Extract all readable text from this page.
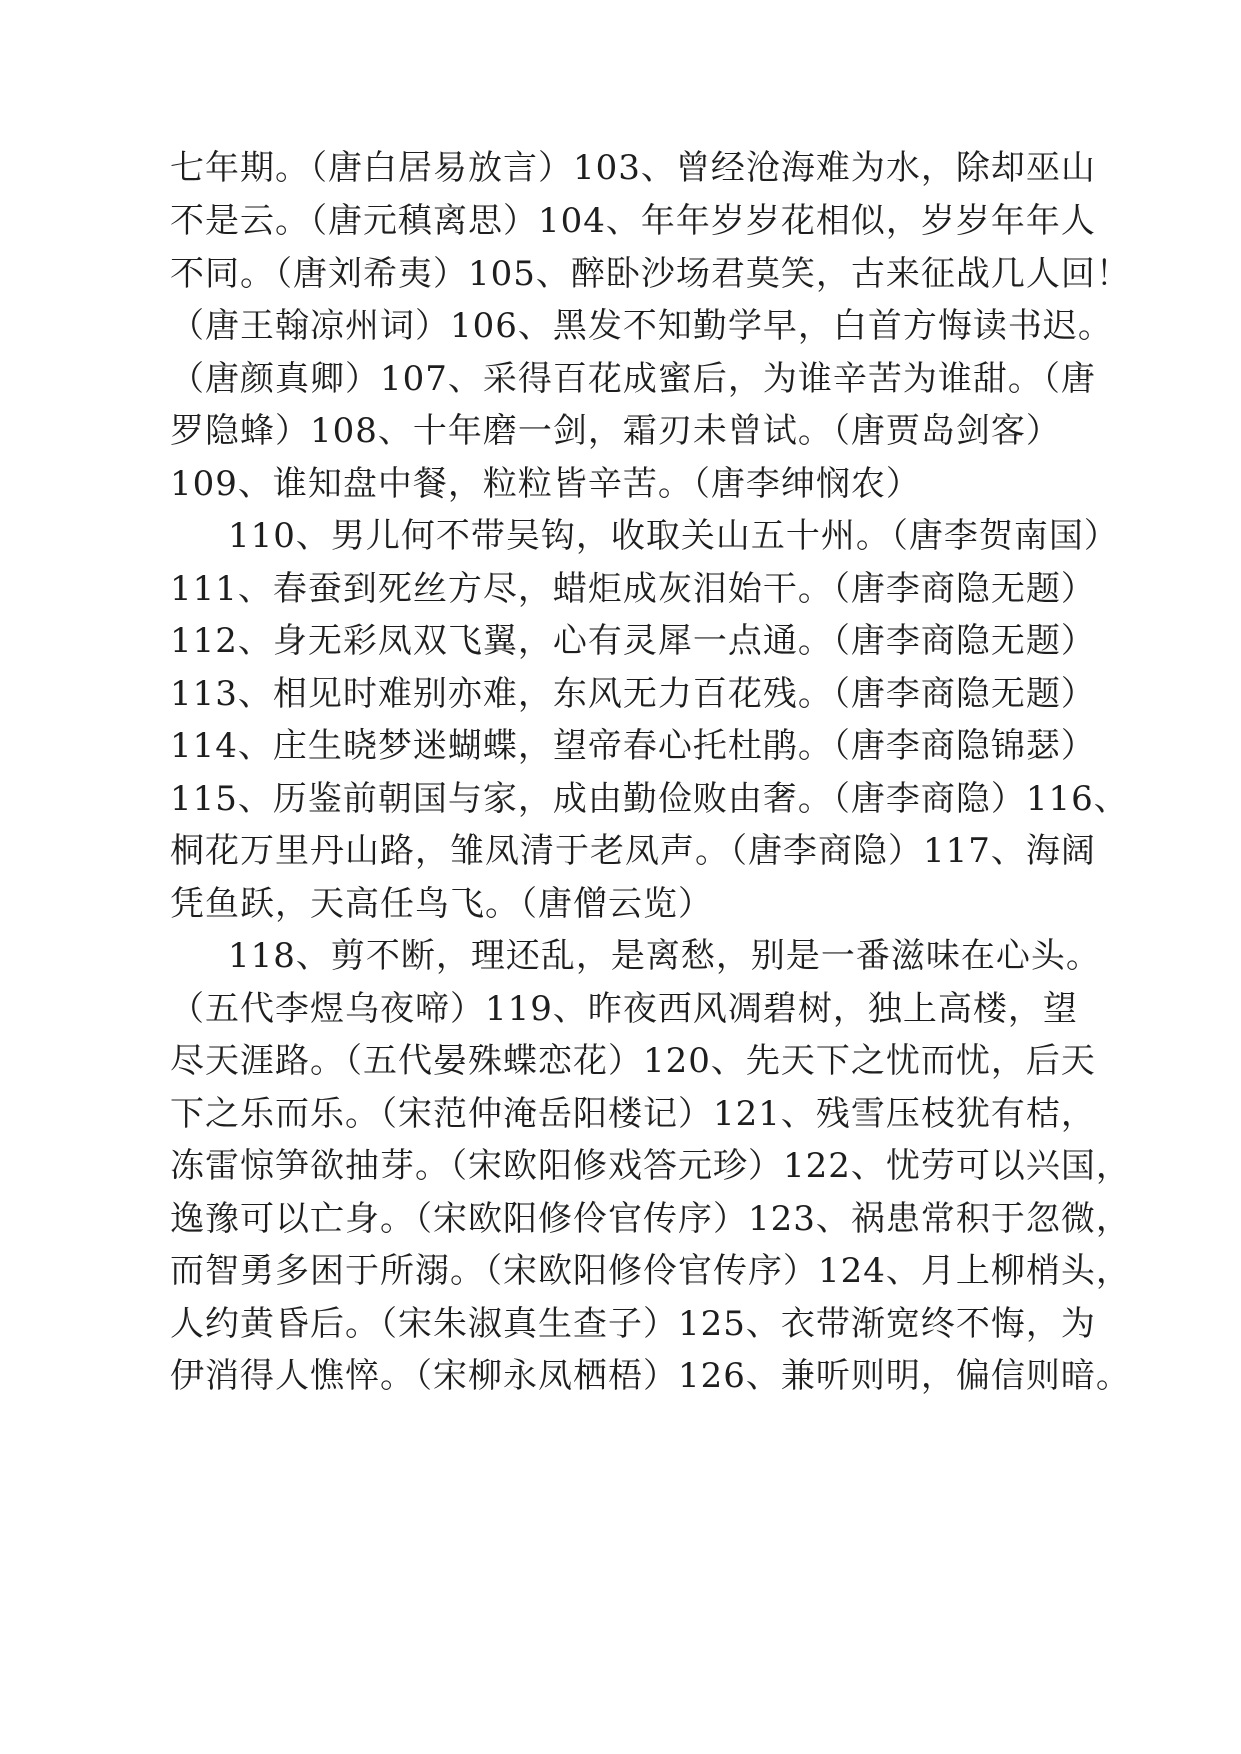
七年期。（唐白居易放言）103、曾经沧海难为水，除却巫山
不是云。（唐元稹离思）104、年年岁岁花相似，岁岁年年人
不同。（唐刘希夷）105、醉卧沙场君莫笑，古来征战几人回！
（唐王翰凉州词）106、黑发不知勤学早，白首方悔读书迟。
（唐颜真卿）107、采得百花成蜜后，为谁辛苦为谁甜。（唐
罗隐蜂）108、十年磨一剑，霜刃未曾试。（唐贾岛剑客）
109、谁知盘中餐，粒粒皆辛苦。（唐李绅悯农）
110、男儿何不带吴钩，收取关山五十州。（唐李贺南国）
111、春蚕到死丝方尽，蜡炬成灰泪始干。（唐李商隐无题）
112、身无彩凤双飞翼，心有灵犀一点通。（唐李商隐无题）
113、相见时难别亦难，东风无力百花残。（唐李商隐无题）
114、庄生晓梦迷蝴蝶，望帝春心托杜鹃。（唐李商隐锦瑟）
115、历鉴前朝国与家，成由勤俭败由奢。（唐李商隐）116、
桐花万里丹山路，雏凤清于老凤声。（唐李商隐）117、海阔
凭鱼跃，天高任鸟飞。（唐僧云览）
118、剪不断，理还乱，是离愁，别是一番滋味在心头。
（五代李煜乌夜啼）119、昨夜西风凋碧树，独上高楼，望
尽天涯路。（五代晏殊蝶恋花）120、先天下之忧而忧，后天
下之乐而乐。（宋范仲淹岳阳楼记）121、残雪压枝犹有桔，
冻雷惊笋欲抽芽。（宋欧阳修戏答元珍）122、忧劳可以兴国，
逸豫可以亡身。（宋欧阳修伶官传序）123、祸患常积于忽微，
而智勇多困于所溺。（宋欧阳修伶官传序）124、月上柳梢头，
人约黄昏后。（宋朱淑真生查子）125、衣带渐宽终不悔，为
伊消得人憔悴。（宋柳永凤栖梧）126、兼听则明，偏信则暗。
